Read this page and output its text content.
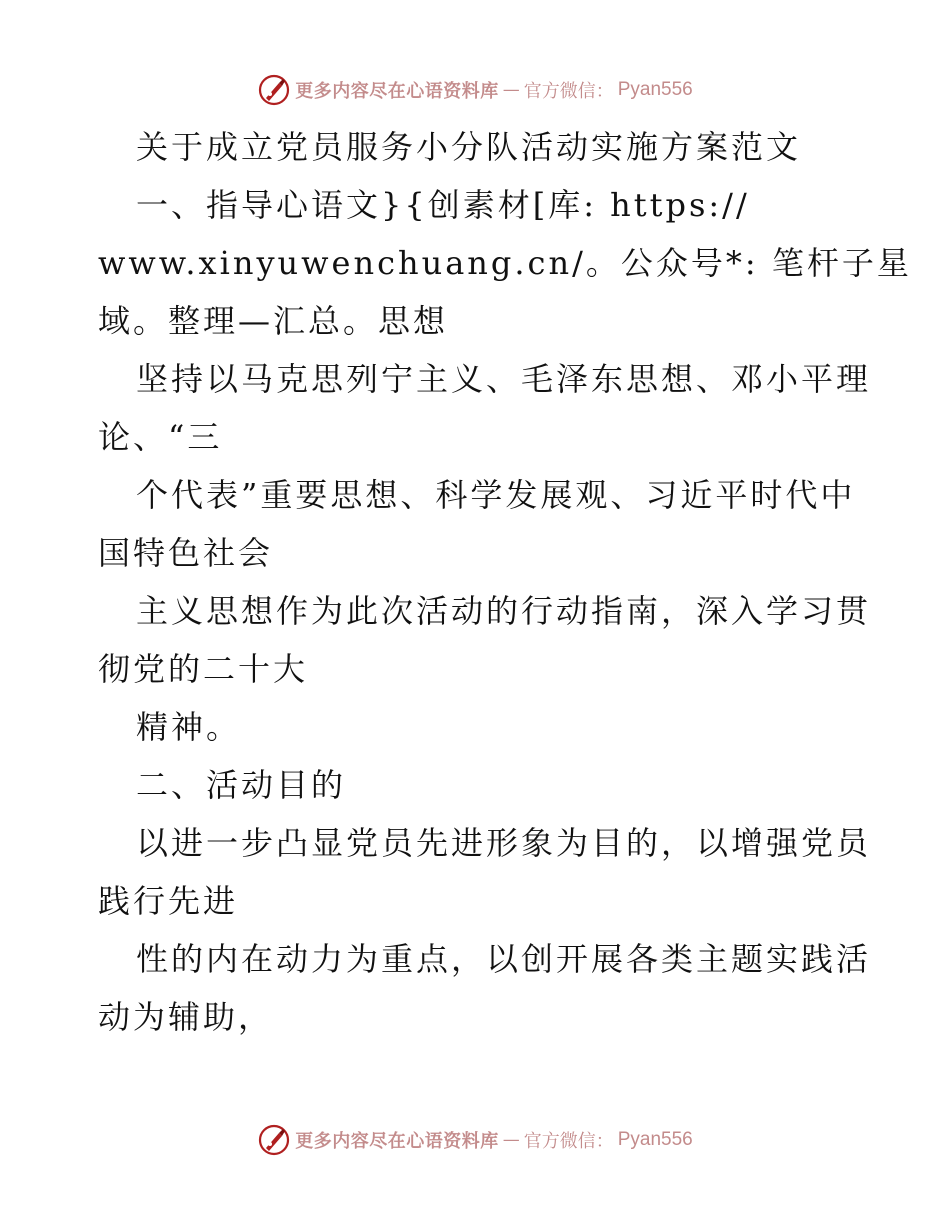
更多内容尽在心语资料库 — 官方微信： Pyan556
关于成立党员服务小分队活动实施方案范文
一、指导心语文}{创素材[库: https://
www.xinyuwenchuang.cn/。公众号*: 笔杆子星
域。整理—汇总。思想
坚持以马克思列宁主义、毛泽东思想、邓小平理
论、“三
个代表”重要思想、科学发展观、习近平时代中
国特色社会
主义思想作为此次活动的行动指南，深入学习贯
彻党的二十大
精神。
二、活动目的
以进一步凸显党员先进形象为目的，以增强党员
践行先进
性的内在动力为重点，以创开展各类主题实践活
动为辅助，
更多内容尽在心语资料库 — 官方微信： Pyan556
